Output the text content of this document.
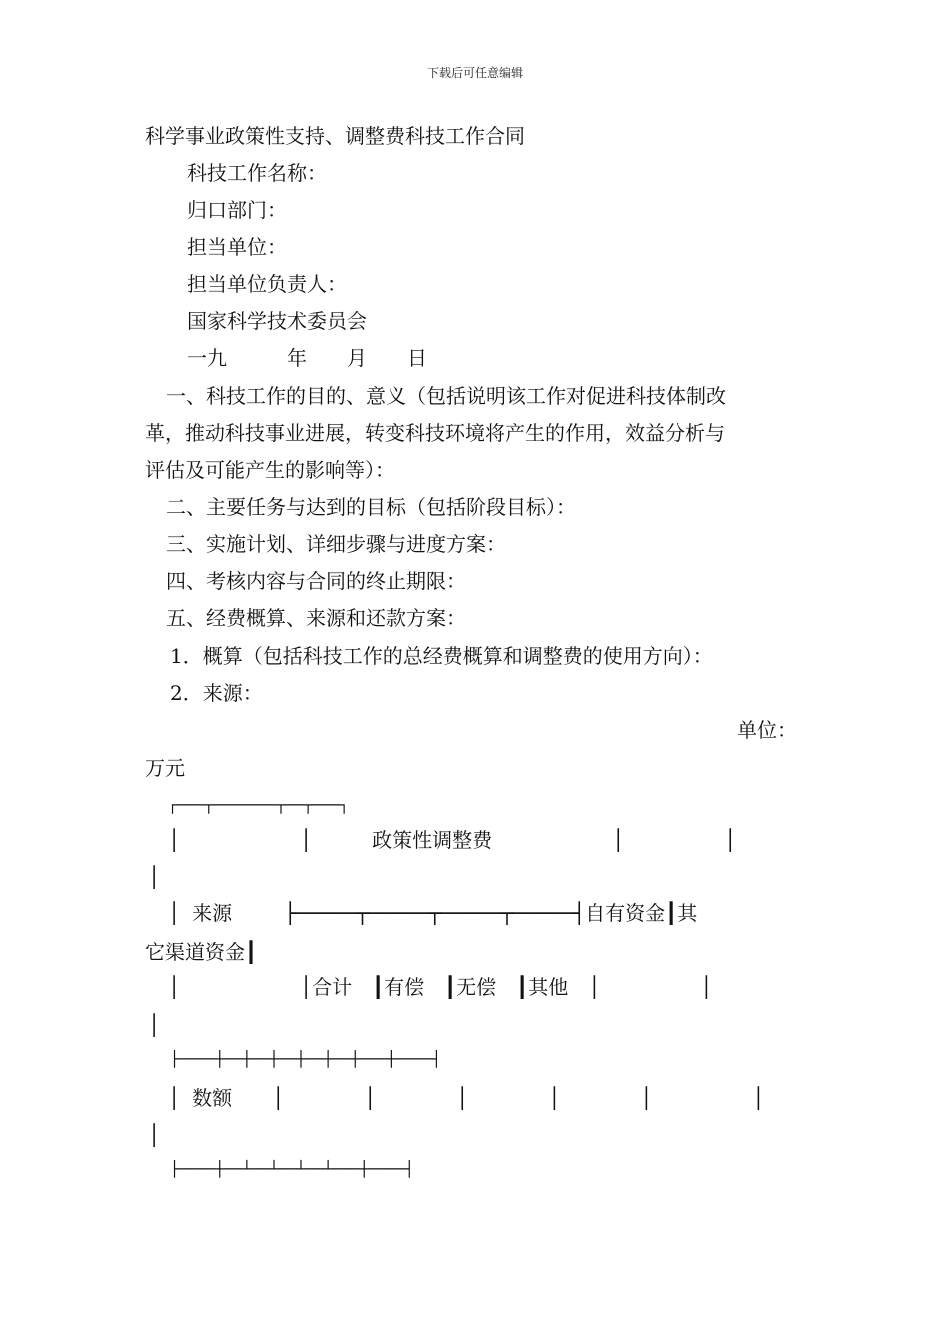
下载后可任意编辑
科学事业政策性支持、调整费科技工作合同
科技工作名称：
归口部门：
担当单位：
担当单位负责人：
国家科学技术委员会
一九　　　年　　月　　日
一、科技工作的目的、意义（包括说明该工作对促进科技体制改
革，推动科技事业进展，转变科技环境将产生的作用，效益分析与
评估及可能产生的影响等）：
二、主要任务与达到的目标（包括阶段目标）：
三、实施计划、详细步骤与进度方案：
四、考核内容与合同的终止期限：
五、经费概算、来源和还款方案：
1．概算（包括科技工作的总经费概算和调整费的使用方向）：
2．来源：
单位：
万元
┌───┬───────┬──┬───┐
│　　　　　　│　　　政策性调整费　　　　　　│　　　　　│
│
│ 来源　　 ├─────┬─────┬─────┬─────┤自有资金┃其
它渠道资金┃
│　　　　　　│合计　┃有偿　┃无偿　┃其他　│　　　　　│
│
├────┼──┼──┼──┼──┼──┼───┼────┤
│ 数额　　│　　　　│　　　　│　　　　│　　　　│　　　　　│
│
├────┼──┴──┴──┴──┴───┼────┤
